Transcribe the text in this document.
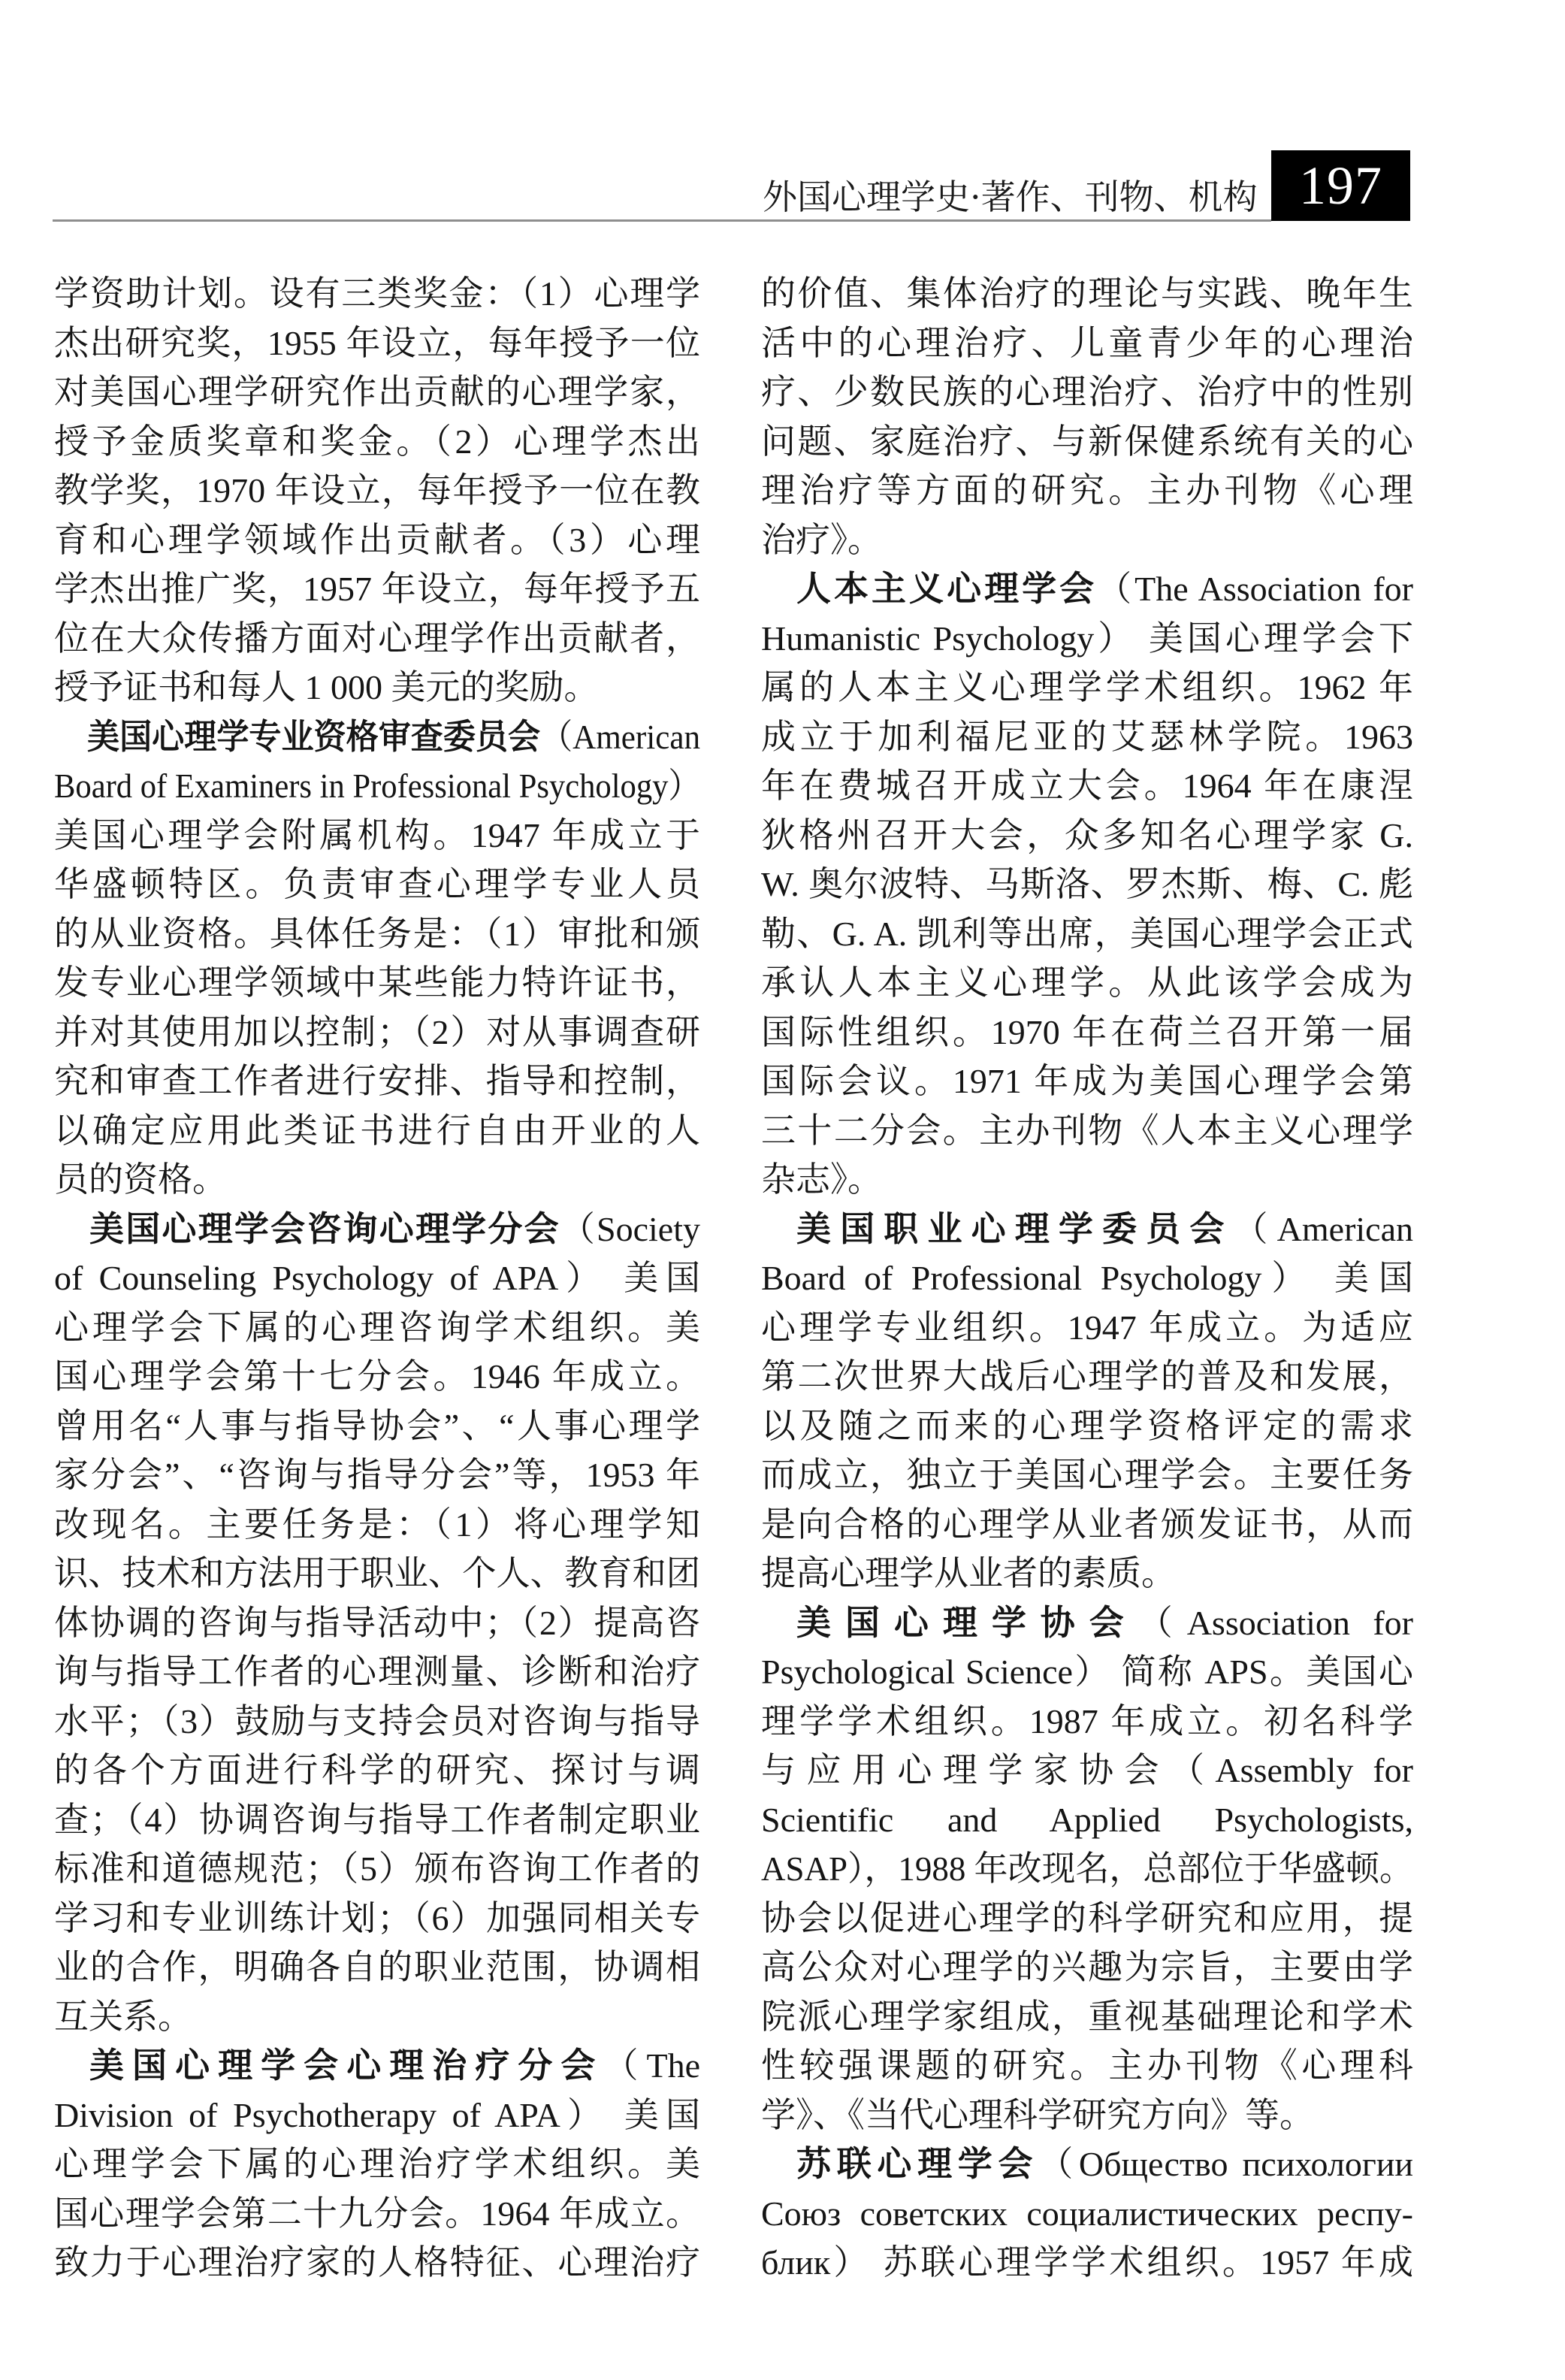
外国心理学史·著作、刊物、机构 197
学资助计划。设有三类奖金：（1）心理学
杰出研究奖，1955 年设立，每年授予一位
对美国心理学研究作出贡献的心理学家，
授予金质奖章和奖金。（2）心理学杰出
教学奖，1970 年设立，每年授予一位在教
育和心理学领域作出贡献者。（3）心理
学杰出推广奖，1957 年设立，每年授予五
位在大众传播方面对心理学作出贡献者，
授予证书和每人 1 000 美元的奖励。
美国心理学专业资格审查委员会（American
Board of Examiners in Professional Psychology）
美国心理学会附属机构。1947 年成立于
华盛顿特区。负责审查心理学专业人员
的从业资格。具体任务是：（1）审批和颁
发专业心理学领域中某些能力特许证书，
并对其使用加以控制；（2）对从事调查研
究和审查工作者进行安排、指导和控制，
以确定应用此类证书进行自由开业的人
员的资格。
美国心理学会咨询心理学分会（Society
of Counseling Psychology of APA） 美国
心理学会下属的心理咨询学术组织。美
国心理学会第十七分会。1946 年成立。
曾用名“人事与指导协会”、“人事心理学
家分会”、“咨询与指导分会”等，1953 年
改现名。主要任务是：（1）将心理学知
识、技术和方法用于职业、个人、教育和团
体协调的咨询与指导活动中；（2）提高咨
询与指导工作者的心理测量、诊断和治疗
水平；（3）鼓励与支持会员对咨询与指导
的各个方面进行科学的研究、探讨与调
查；（4）协调咨询与指导工作者制定职业
标准和道德规范；（5）颁布咨询工作者的
学习和专业训练计划；（6）加强同相关专
业的合作，明确各自的职业范围，协调相
互关系。
美国心理学会心理治疗分会（The
Division of Psychotherapy of APA） 美国
心理学会下属的心理治疗学术组织。美
国心理学会第二十九分会。1964 年成立。
致力于心理治疗家的人格特征、心理治疗
的价值、集体治疗的理论与实践、晚年生
活中的心理治疗、儿童青少年的心理治
疗、少数民族的心理治疗、治疗中的性别
问题、家庭治疗、与新保健系统有关的心
理治疗等方面的研究。主办刊物《心理
治疗》。
人本主义心理学会（The Association for
Humanistic Psychology） 美国心理学会下
属的人本主义心理学学术组织。1962 年
成立于加利福尼亚的艾瑟林学院。1963
年在费城召开成立大会。1964 年在康涅
狄格州召开大会，众多知名心理学家 G.
W. 奥尔波特、马斯洛、罗杰斯、梅、C. 彪
勒、G. A. 凯利等出席，美国心理学会正式
承认人本主义心理学。从此该学会成为
国际性组织。1970 年在荷兰召开第一届
国际会议。1971 年成为美国心理学会第
三十二分会。主办刊物《人本主义心理学
杂志》。
美国职业心理学委员会（American
Board of Professional Psychology） 美国
心理学专业组织。1947 年成立。为适应
第二次世界大战后心理学的普及和发展，
以及随之而来的心理学资格评定的需求
而成立，独立于美国心理学会。主要任务
是向合格的心理学从业者颁发证书，从而
提高心理学从业者的素质。
美国心理学协会（Association for
Psychological Science） 简称 APS。美国心
理学学术组织。1987 年成立。初名科学
与应用心理学家协会（Assembly for
Scientific and Applied Psychologists,
ASAP），1988 年改现名，总部位于华盛顿。
协会以促进心理学的科学研究和应用，提
高公众对心理学的兴趣为宗旨，主要由学
院派心理学家组成，重视基础理论和学术
性较强课题的研究。主办刊物《心理科
学》、《当代心理科学研究方向》等。
苏联心理学会（Общество психологии
Союз советских социалистических респу-
блик） 苏联心理学学术组织。1957 年成
